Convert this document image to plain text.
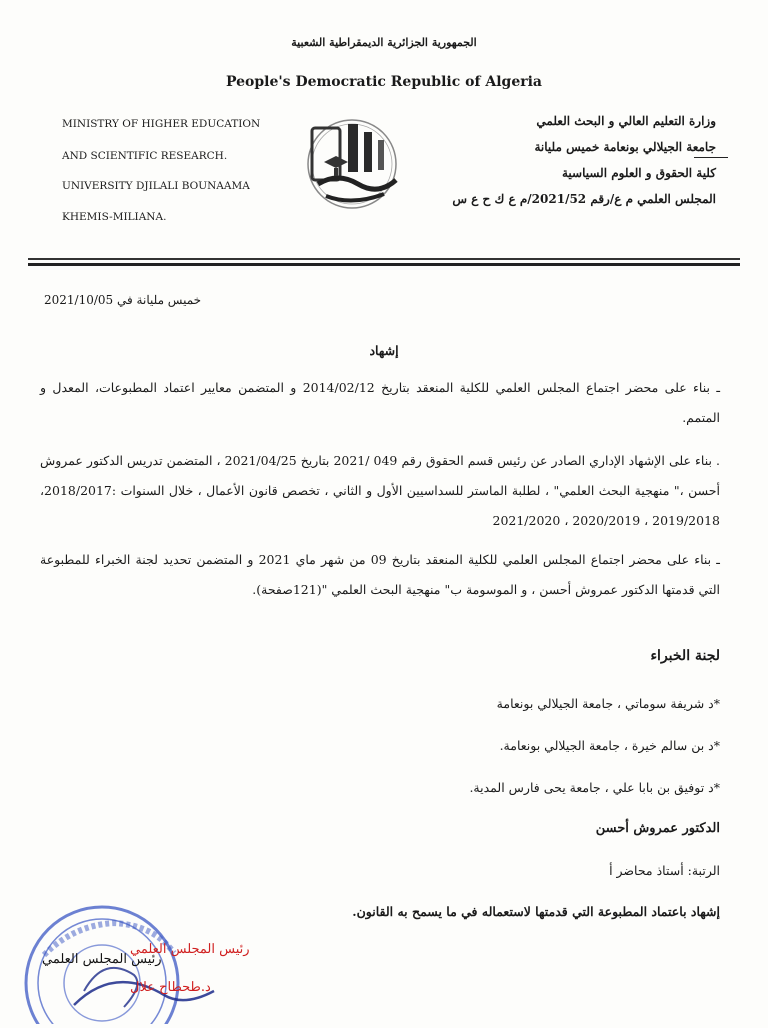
الجمهورية الجزائرية الديمقراطية الشعبية
People's Democratic Republic of Algeria
MINISTRY OF HIGHER EDUCATION
AND SCIENTIFIC RESEARCH.
UNIVERSITY DJILALI BOUNAAMA
KHEMIS-MILIANA.
وزارة التعليم العالي و البحث العلمي
جامعة الجيلالي بونعامة خميس مليانة
كلية الحقوق و العلوم السياسية
المجلس العلمي م ع/رقم 2021/52/م ع ك ح ع س
خميس مليانة في 2021/10/05
إشهاد
ـ بناء على محضر اجتماع المجلس العلمي للكلية المنعقد بتاريخ 2014/02/12 و المتضمن معايير اعتماد المطبوعات، المعدل و المتمم.
. بناء على الإشهاد الإداري الصادر عن رئيس قسم الحقوق رقم 049 /2021 بتاريخ 2021/04/25 ، المتضمن تدريس الدكتور عمروش أحسن ،" منهجية البحث العلمي" ، لطلبة الماستر للسداسيين الأول و الثاني ، تخصص قانون الأعمال ، خلال السنوات :2018/2017، 2019/2018 ، 2020/2019 ، 2021/2020
ـ بناء على محضر اجتماع المجلس العلمي للكلية المنعقد بتاريخ 09 من شهر ماي 2021 و المتضمن تحديد لجنة الخبراء للمطبوعة التي قدمتها الدكتور عمروش أحسن ، و الموسومة ب" منهجية البحث العلمي "(121صفحة).
لجنة الخبراء
*د شريفة سوماتي ، جامعة الجيلالي بونعامة
*د بن سالم خيرة ، جامعة الجيلالي بونعامة.
*د توفيق بن بابا علي ، جامعة يحى فارس المدية.
الدكتور عمروش أحسن
الرتبة: أستاذ محاضر أ
إشهاد باعتماد المطبوعة التي قدمتها لاستعماله في ما يسمح به القانون.
رئيس المجلس العلمي
رئيس المجلس العلمي
د.طحطاح علال
